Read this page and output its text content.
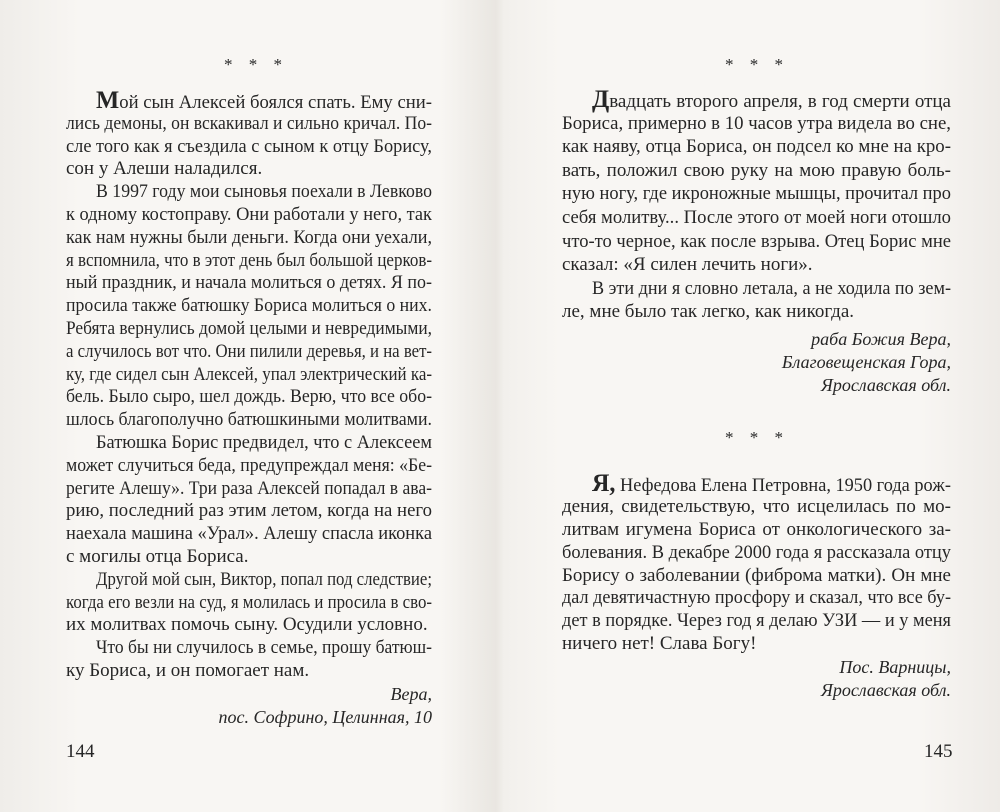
* * *
Мой сын Алексей боялся спать. Ему сни-
лись демоны, он вскакивал и сильно кричал. По-
сле того как я съездила с сыном к отцу Борису,
сон у Алеши наладился.
В 1997 году мои сыновья поехали в Левково
к одному костоправу. Они работали у него, так
как нам нужны были деньги. Когда они уехали,
я вспомнила, что в этот день был большой церков-
ный праздник, и начала молиться о детях. Я по-
просила также батюшку Бориса молиться о них.
Ребята вернулись домой целыми и невредимыми,
а случилось вот что. Они пилили деревья, и на вет-
ку, где сидел сын Алексей, упал электрический ка-
бель. Было сыро, шел дождь. Верю, что все обо-
шлось благополучно батюшкиными молитвами.
Батюшка Борис предвидел, что с Алексеем
может случиться беда, предупреждал меня: «Бе-
регите Алешу». Три раза Алексей попадал в ава-
рию, последний раз этим летом, когда на него
наехала машина «Урал». Алешу спасла иконка
с могилы отца Бориса.
Другой мой сын, Виктор, попал под следствие;
когда его везли на суд, я молилась и просила в сво-
их молитвах помочь сыну. Осудили условно.
Что бы ни случилось в семье, прошу батюш-
ку Бориса, и он помогает нам.
Вера,
пос. Софрино, Целинная, 10
* * *
Двадцать второго апреля, в год смерти отца
Бориса, примерно в 10 часов утра видела во сне,
как наяву, отца Бориса, он подсел ко мне на кро-
вать, положил свою руку на мою правую боль-
ную ногу, где икроножные мышцы, прочитал про
себя молитву... После этого от моей ноги отошло
что-то черное, как после взрыва. Отец Борис мне
сказал: «Я силен лечить ноги».
В эти дни я словно летала, а не ходила по зем-
ле, мне было так легко, как никогда.
раба Божия Вера,
Благовещенская Гора,
Ярославская обл.
* * *
Я, Нефедова Елена Петровна, 1950 года рож-
дения, свидетельствую, что исцелилась по мо-
литвам игумена Бориса от онкологического за-
болевания. В декабре 2000 года я рассказала отцу
Борису о заболевании (фиброма матки). Он мне
дал девятичастную просфору и сказал, что все бу-
дет в порядке. Через год я делаю УЗИ — и у меня
ничего нет! Слава Богу!
Пос. Варницы,
Ярославская обл.
144	145
